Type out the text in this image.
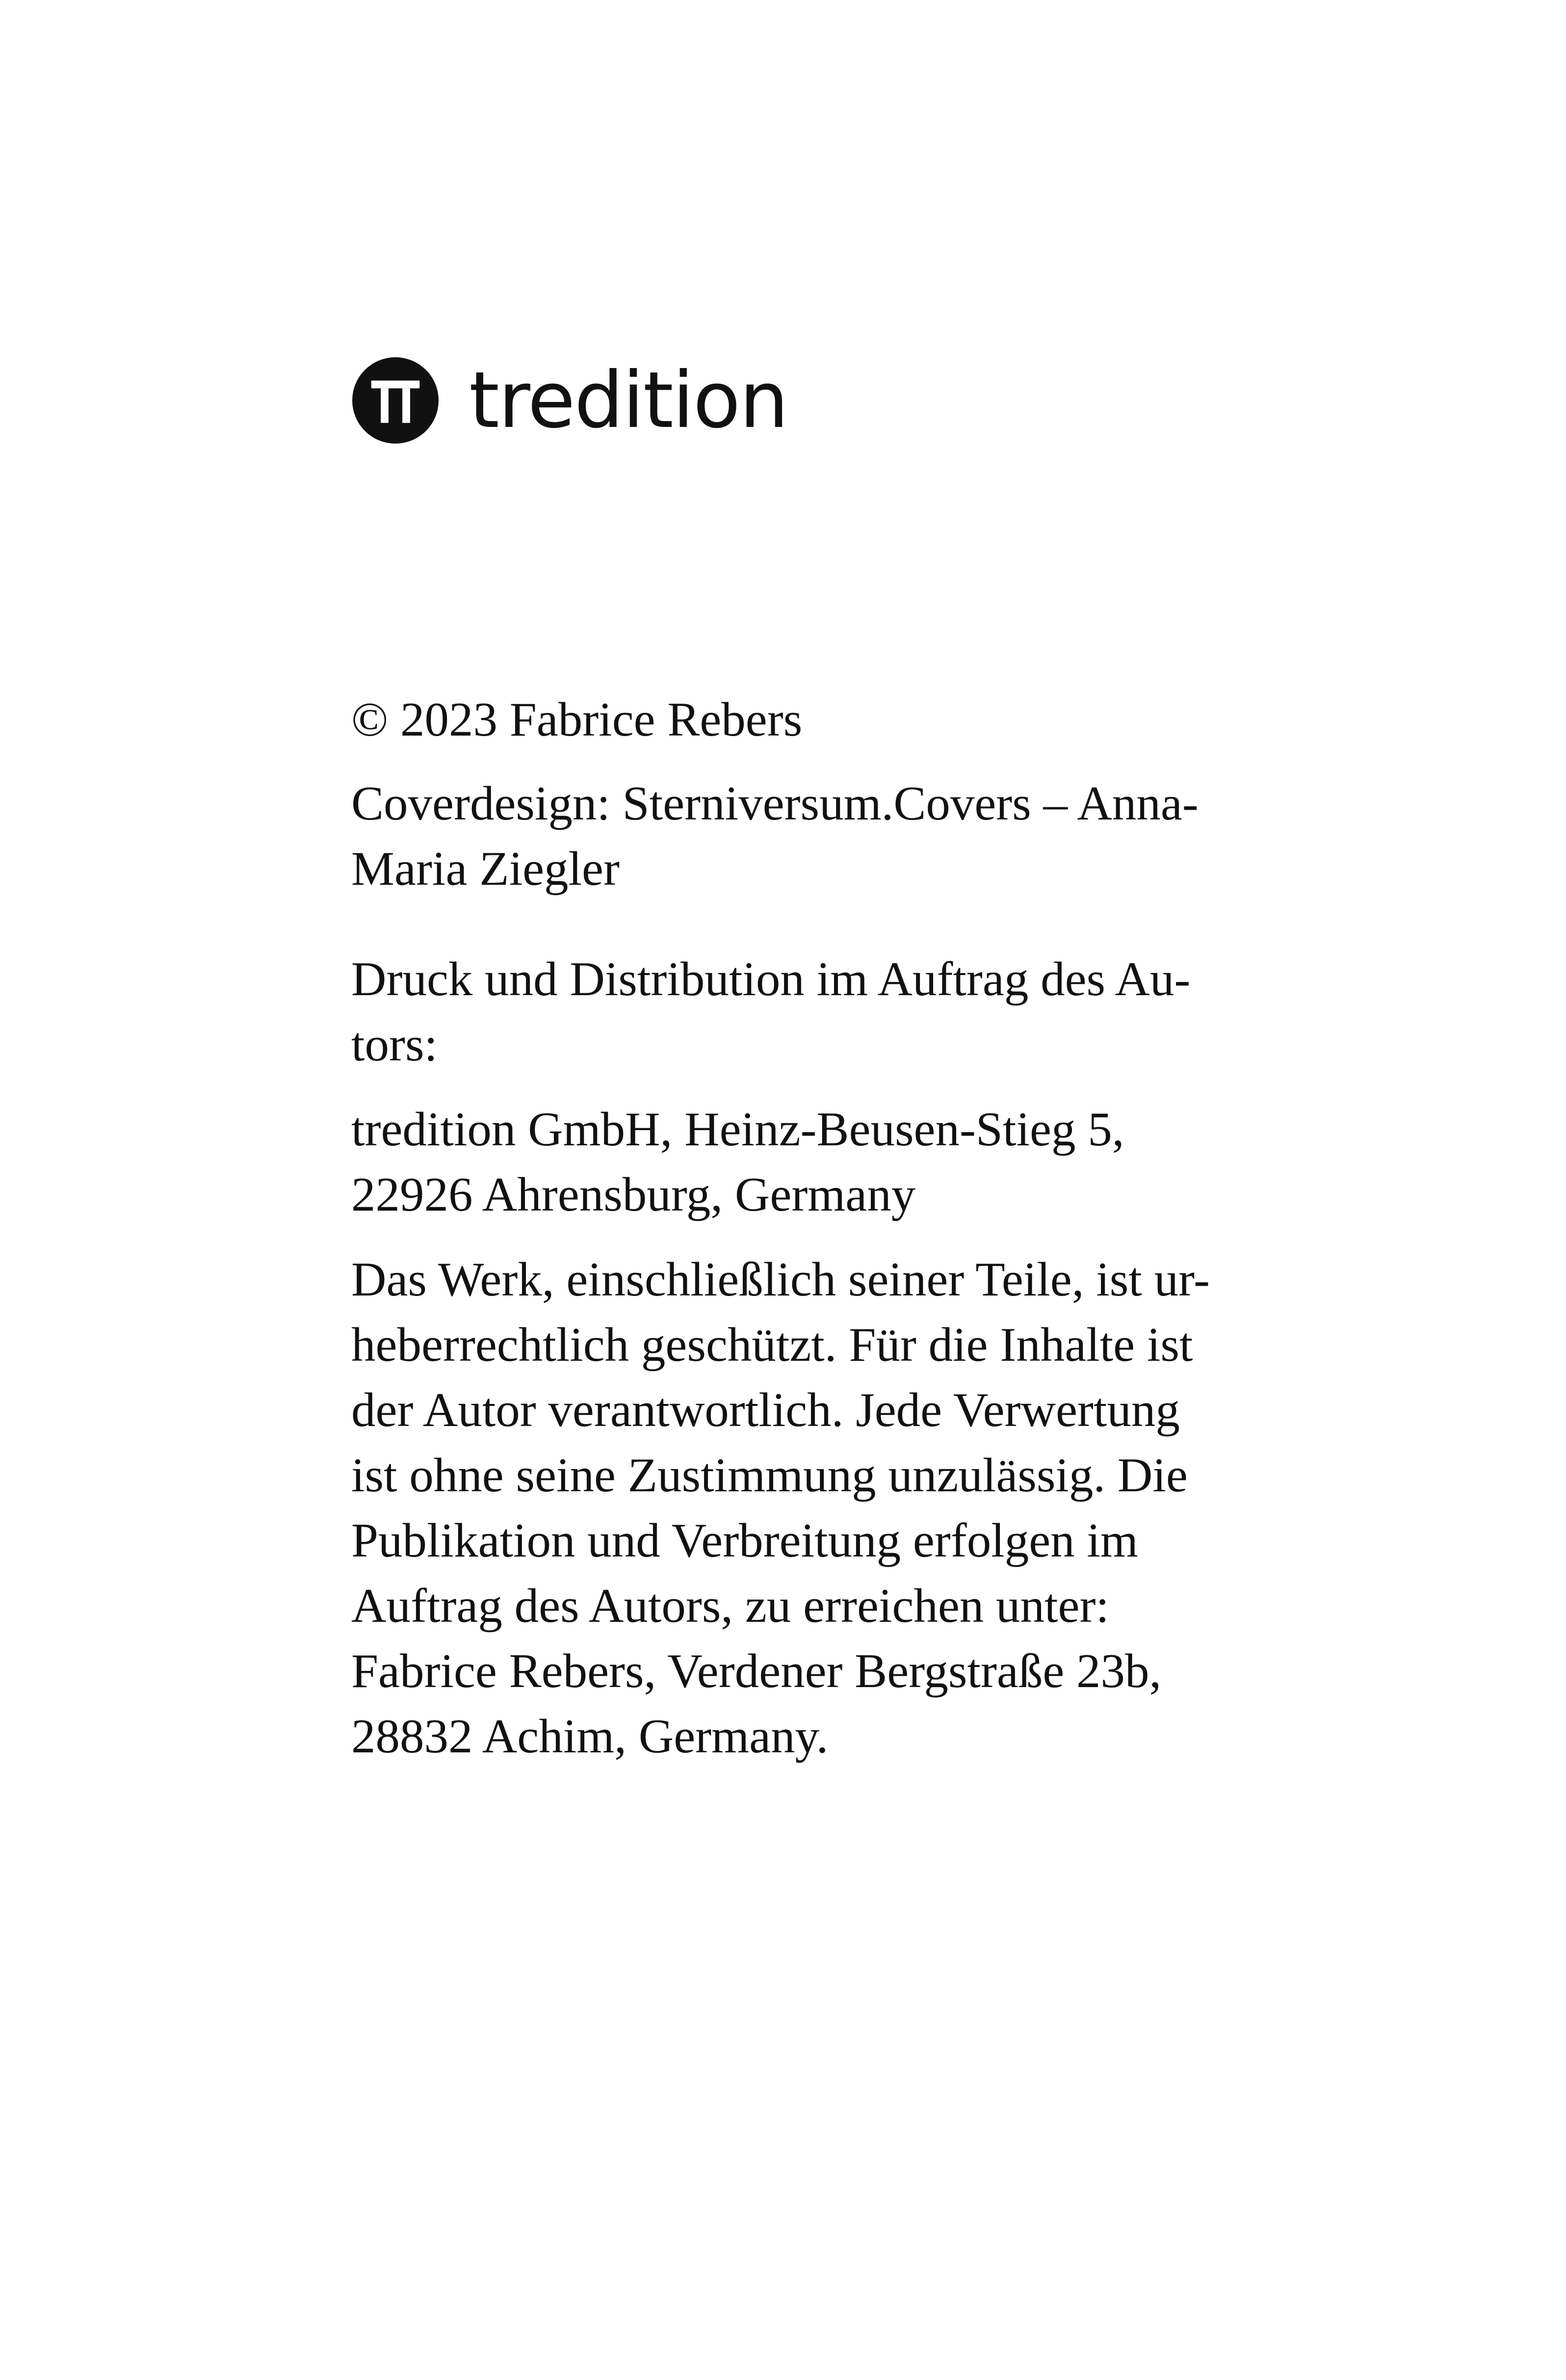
tredition

© 2023 Fabrice Rebers

Coverdesign: Sterniversum.Covers – Anna-
Maria Ziegler

Druck und Distribution im Auftrag des Au-
tors:

tredition GmbH, Heinz-Beusen-Stieg 5,
22926 Ahrensburg, Germany

Das Werk, einschließlich seiner Teile, ist ur-
heberrechtlich geschützt. Für die Inhalte ist
der Autor verantwortlich. Jede Verwertung
ist ohne seine Zustimmung unzulässig. Die
Publikation und Verbreitung erfolgen im
Auftrag des Autors, zu erreichen unter:
Fabrice Rebers, Verdener Bergstraße 23b,
28832 Achim, Germany.
